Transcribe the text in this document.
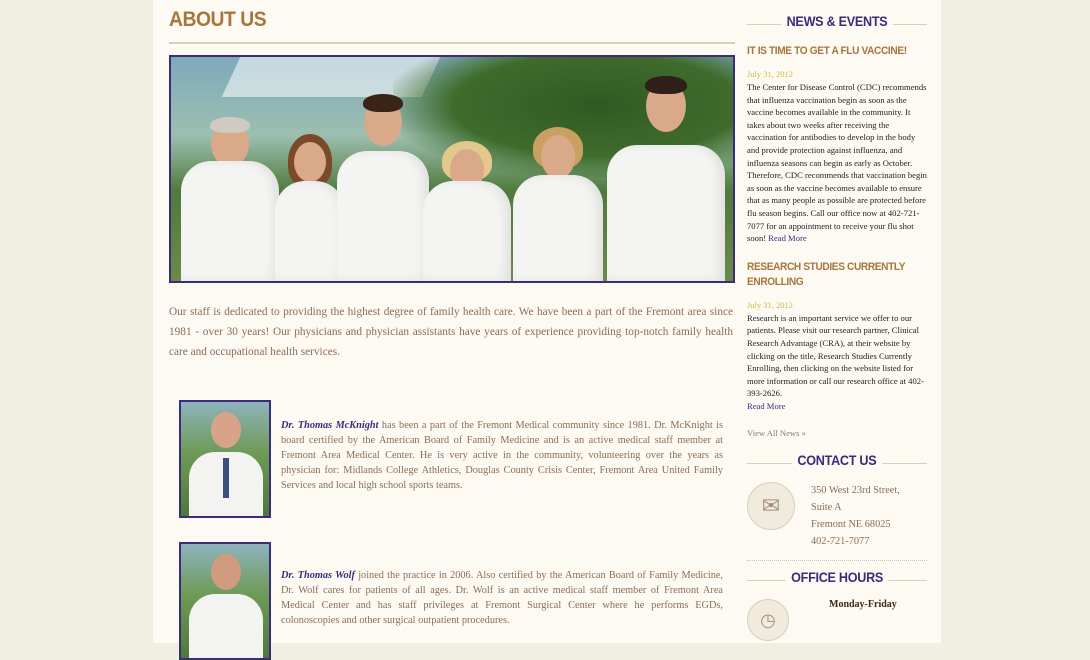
ABOUT US
Our staff is dedicated to providing the highest degree of family health care. We have been a part of the Fremont area since 1981 - over 30 years! Our physicians and physician assistants have years of experience providing top-notch family health care and occupational health services.
Dr. Thomas McKnight has been a part of the Fremont Medical community since 1981. Dr. McKnight is board certified by the American Board of Family Medicine and is an active medical staff member at Fremont Area Medical Center. He is very active in the community, volunteering over the years as physician for: Midlands College Athletics, Douglas County Crisis Center, Fremont Area United Family Services and local high school sports teams.
Dr. Thomas Wolf joined the practice in 2006. Also certified by the American Board of Family Medicine, Dr. Wolf cares for patients of all ages. Dr. Wolf is an active medical staff member of Fremont Area Medical Center and has staff privileges at Fremont Surgical Center where he performs EGDs, colonoscopies and other surgical outpatient procedures.
NEWS & EVENTS
IT IS TIME TO GET A FLU VACCINE!
July 31, 2012
The Center for Disease Control (CDC) recommends that influenza vaccination begin as soon as the vaccine becomes available in the community. It takes about two weeks after receiving the vaccination for antibodies to develop in the body and provide protection against influenza, and influenza seasons can begin as early as October. Therefore, CDC recommends that vaccination begin as soon as the vaccine becomes available to ensure that as many people as possible are protected before flu season begins. Call our office now at 402-721-7077 for an appointment to receive your flu shot soon! Read More
RESEARCH STUDIES CURRENTLY ENROLLING
July 31, 2012
Research is an important service we offer to our patients. Please visit our research partner, Clinical Research Advantage (CRA), at their website by clicking on the title, Research Studies Currently Enrolling, then clicking on the website listed for more information or call our research office at 402-393-2626.
Read More
View All News »
CONTACT US
✉
350 West 23rd Street,
Suite A
Fremont NE 68025
402-721-7077
OFFICE HOURS
◷
Monday-Friday
